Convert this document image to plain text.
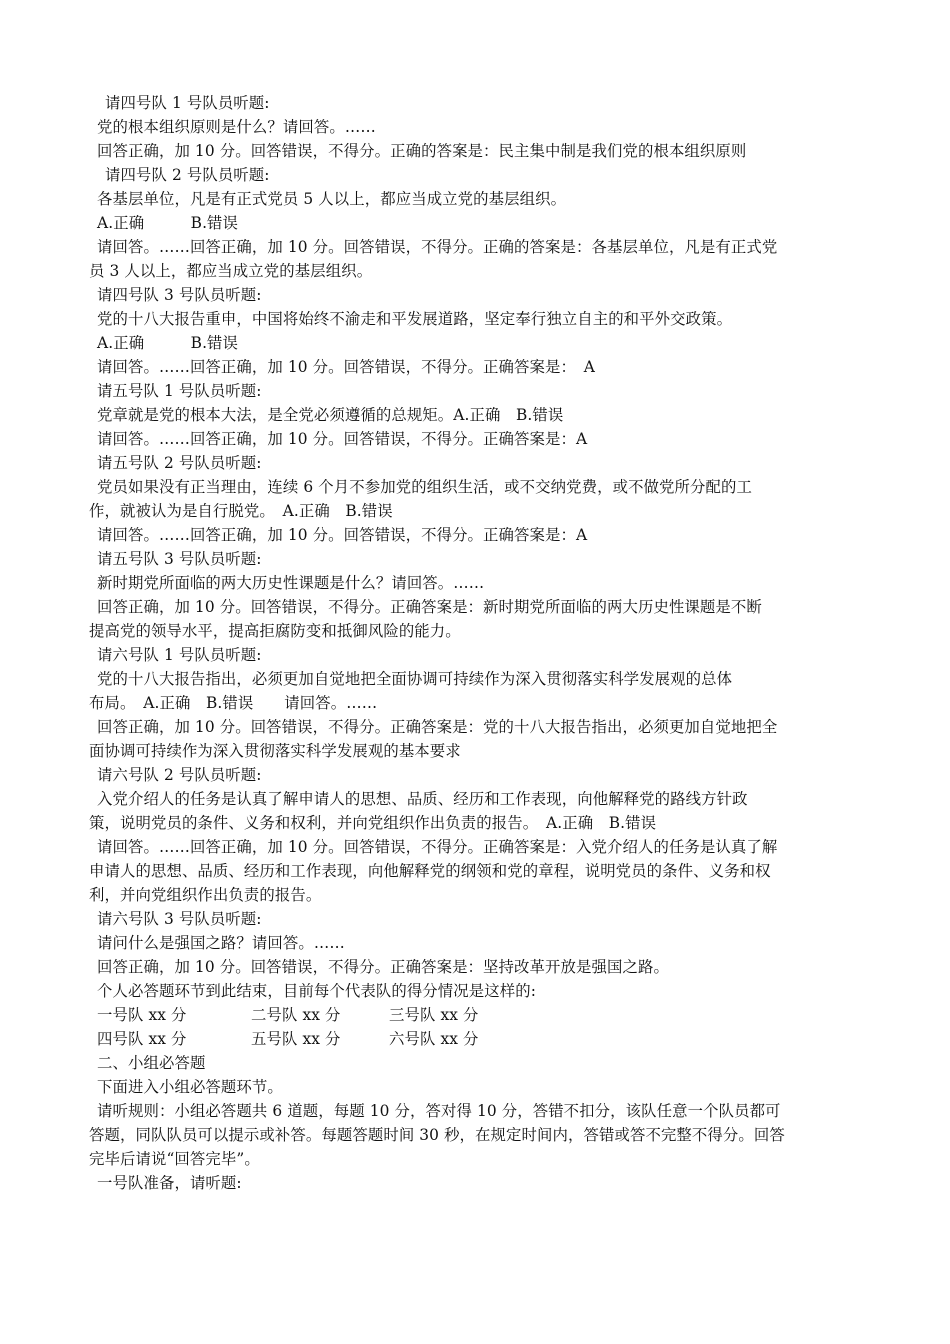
请四号队 1 号队员听题:
党的根本组织原则是什么？请回答。……
回答正确，加 10 分。回答错误，不得分。正确的答案是：民主集中制是我们党的根本组织原则
请四号队 2 号队员听题:
各基层单位，凡是有正式党员 5 人以上，都应当成立党的基层组织。
A.正确　　　B.错误
请回答。……回答正确，加 10 分。回答错误，不得分。正确的答案是：各基层单位，凡是有正式党
员 3 人以上，都应当成立党的基层组织。
请四号队 3 号队员听题:
党的十八大报告重申，中国将始终不渝走和平发展道路，坚定奉行独立自主的和平外交政策。
A.正确　　　B.错误
请回答。……回答正确，加 10 分。回答错误，不得分。正确答案是：　A
请五号队 1 号队员听题:
党章就是党的根本大法，是全党必须遵循的总规矩。A.正确　B.错误
请回答。……回答正确，加 10 分。回答错误，不得分。正确答案是：A
请五号队 2 号队员听题:
党员如果没有正当理由，连续 6 个月不参加党的组织生活，或不交纳党费，或不做党所分配的工
作，就被认为是自行脱党。　A.正确　B.错误
请回答。……回答正确，加 10 分。回答错误，不得分。正确答案是：A
请五号队 3 号队员听题:
新时期党所面临的两大历史性课题是什么？请回答。……
回答正确，加 10 分。回答错误，不得分。正确答案是：新时期党所面临的两大历史性课题是不断
提高党的领导水平，提高拒腐防变和抵御风险的能力。
请六号队 1 号队员听题:
党的十八大报告指出，必须更加自觉地把全面协调可持续作为深入贯彻落实科学发展观的总体
布局。　A.正确　B.错误　　请回答。……
回答正确，加 10 分。回答错误，不得分。正确答案是：党的十八大报告指出，必须更加自觉地把全
面协调可持续作为深入贯彻落实科学发展观的基本要求
请六号队 2 号队员听题:
入党介绍人的任务是认真了解申请人的思想、品质、经历和工作表现，向他解释党的路线方针政
策，说明党员的条件、义务和权利，并向党组织作出负责的报告。　A.正确　B.错误
请回答。……回答正确，加 10 分。回答错误，不得分。正确答案是：入党介绍人的任务是认真了解
申请人的思想、品质、经历和工作表现，向他解释党的纲领和党的章程，说明党员的条件、义务和权
利，并向党组织作出负责的报告。
请六号队 3 号队员听题:
请问什么是强国之路？请回答。……
回答正确，加 10 分。回答错误，不得分。正确答案是：坚持改革开放是强国之路。
个人必答题环节到此结束，目前每个代表队的得分情况是这样的:
一号队 xx 分	二号队 xx 分	三号队 xx 分
四号队 xx 分	五号队 xx 分	六号队 xx 分
二、小组必答题
下面进入小组必答题环节。
请听规则：小组必答题共 6 道题，每题 10 分，答对得 10 分，答错不扣分，该队任意一个队员都可
答题，同队队员可以提示或补答。每题答题时间 30 秒，在规定时间内，答错或答不完整不得分。回答
完毕后请说“回答完毕”。
一号队准备，请听题:
